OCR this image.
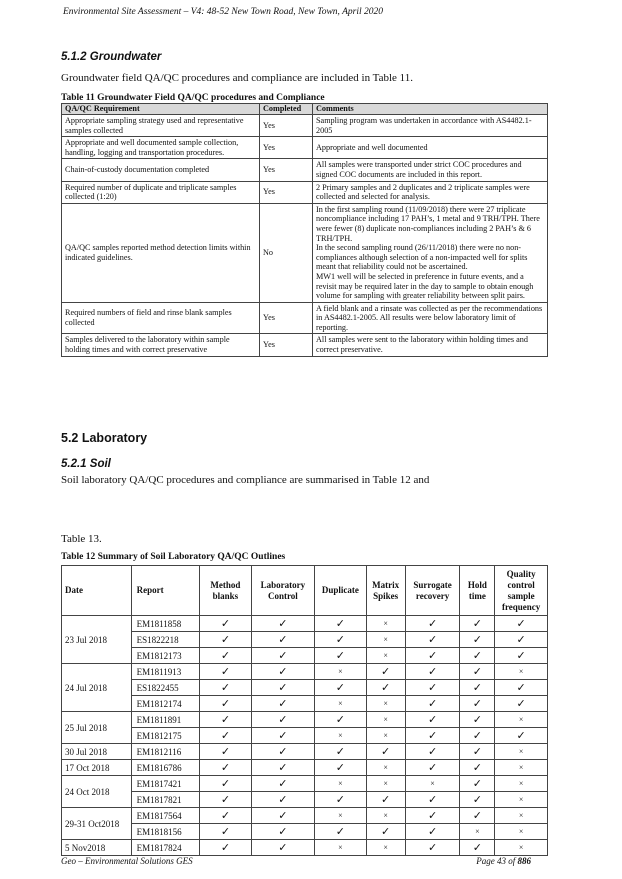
Environmental Site Assessment – V4: 48-52 New Town Road, New Town, April 2020
5.1.2 Groundwater
Groundwater field QA/QC procedures and compliance are included in Table 11.
Table 11 Groundwater Field QA/QC procedures and Compliance
QA/QC Requirement	Completed	Comments
Appropriate sampling strategy used and representative samples collected	Yes	Sampling program was undertaken in accordance with AS4482.1-2005

Appropriate and well documented sample collection, handling, logging and transportation procedures.	Yes	Appropriate and well documented

Chain-of-custody documentation completed	Yes	All samples were transported under strict COC procedures and signed COC documents are included in this report.

Required number of duplicate and triplicate samples collected (1:20)	Yes	2 Primary samples and 2 duplicates and 2 triplicate samples were collected and selected for analysis.

QA/QC samples reported method detection limits within indicated guidelines.	No	In the first sampling round (11/09/2018) there were 27 triplicate noncompliance including 17 PAH’s, 1 metal and 9 TRH/TPH. There were fewer (8) duplicate non-compliances including 2 PAH’s & 6 TRH/TPH.
In the second sampling round (26/11/2018) there were no non-compliances although selection of a non-impacted well for splits meant that reliability could not be ascertained.
MW1 well will be selected in preference in future events, and a revisit may be required later in the day to sample to obtain enough volume for sampling with greater reliability between split pairs.

Required numbers of field and rinse blank samples collected	Yes	A field blank and a rinsate was collected as per the recommendations in AS4482.1-2005. All results were below laboratory limit of reporting.

Samples delivered to the laboratory within sample holding times and with correct preservative	Yes	All samples were sent to the laboratory within holding times and correct preservative.
5.2 Laboratory
5.2.1 Soil
Soil laboratory QA/QC procedures and compliance are summarised in Table 12 and
Table 13.
Table 12 Summary of Soil Laboratory QA/QC Outlines
Date	Report	Method blanks	Laboratory Control	Duplicate	Matrix Spikes	Surrogate recovery	Hold time	Quality control sample frequency
23 Jul 2018	EM1811858	✓	✓	✓	×	✓	✓	✓
	ES1822218	✓	✓	✓	×	✓	✓	✓
	EM1812173	✓	✓	✓	×	✓	✓	✓
24 Jul 2018	EM1811913	✓	✓	×	✓	✓	✓	×
	ES1822455	✓	✓	✓	✓	✓	✓	✓
	EM1812174	✓	✓	×	×	✓	✓	✓
25 Jul 2018	EM1811891	✓	✓	✓	×	✓	✓	×
	EM1812175	✓	✓	×	×	✓	✓	✓
30 Jul 2018	EM1812116	✓	✓	✓	✓	✓	✓	×
17 Oct 2018	EM1816786	✓	✓	✓	×	✓	✓	×
24 Oct 2018	EM1817421	✓	✓	×	×	×	✓	×
	EM1817821	✓	✓	✓	✓	✓	✓	×
29-31 Oct2018	EM1817564	✓	✓	×	×	✓	✓	×
	EM1818156	✓	✓	✓	✓	✓	×	×
5 Nov2018	EM1817824	✓	✓	×	×	✓	✓	×
Geo – Environmental Solutions GES	Page 43 of 886
